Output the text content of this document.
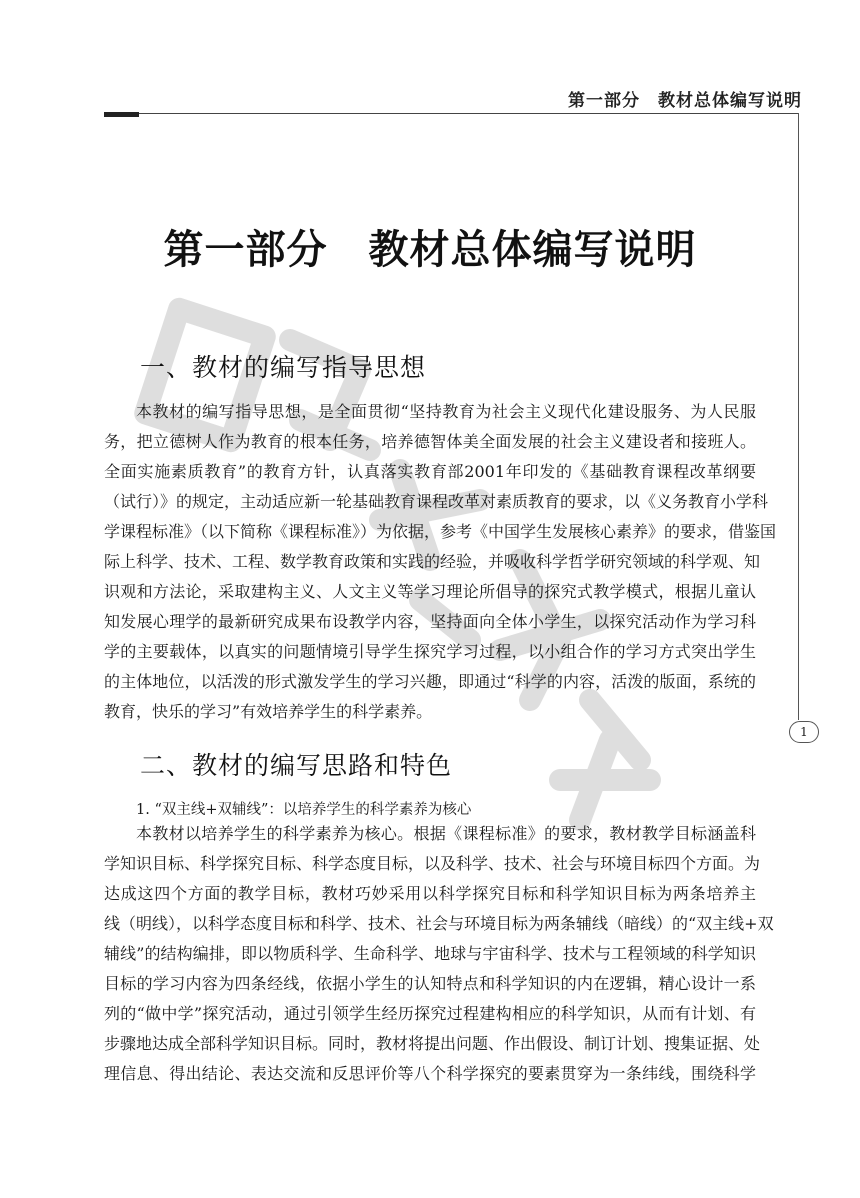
第一部分　教材总体编写说明
1
第一部分　教材总体编写说明
一、教材的编写指导思想
本教材的编写指导思想，是全面贯彻“坚持教育为社会主义现代化建设服务、为人民服
务，把立德树人作为教育的根本任务，培养德智体美全面发展的社会主义建设者和接班人。
全面实施素质教育”的教育方针，认真落实教育部2001年印发的《基础教育课程改革纲要
（试行）》的规定，主动适应新一轮基础教育课程改革对素质教育的要求，以《义务教育小学科
学课程标准》（以下简称《课程标准》）为依据，参考《中国学生发展核心素养》的要求，借鉴国
际上科学、技术、工程、数学教育政策和实践的经验，并吸收科学哲学研究领域的科学观、知
识观和方法论，采取建构主义、人文主义等学习理论所倡导的探究式教学模式，根据儿童认
知发展心理学的最新研究成果布设教学内容，坚持面向全体小学生，以探究活动作为学习科
学的主要载体，以真实的问题情境引导学生探究学习过程，以小组合作的学习方式突出学生
的主体地位，以活泼的形式激发学生的学习兴趣，即通过“科学的内容，活泼的版面，系统的
教育，快乐的学习”有效培养学生的科学素养。
二、教材的编写思路和特色
1. “双主线+双辅线”：以培养学生的科学素养为核心
本教材以培养学生的科学素养为核心。根据《课程标准》的要求，教材教学目标涵盖科
学知识目标、科学探究目标、科学态度目标，以及科学、技术、社会与环境目标四个方面。为
达成这四个方面的教学目标，教材巧妙采用以科学探究目标和科学知识目标为两条培养主
线（明线），以科学态度目标和科学、技术、社会与环境目标为两条辅线（暗线）的“双主线+双
辅线”的结构编排，即以物质科学、生命科学、地球与宇宙科学、技术与工程领域的科学知识
目标的学习内容为四条经线，依据小学生的认知特点和科学知识的内在逻辑，精心设计一系
列的“做中学”探究活动，通过引领学生经历探究过程建构相应的科学知识，从而有计划、有
步骤地达成全部科学知识目标。同时，教材将提出问题、作出假设、制订计划、搜集证据、处
理信息、得出结论、表达交流和反思评价等八个科学探究的要素贯穿为一条纬线，围绕科学
